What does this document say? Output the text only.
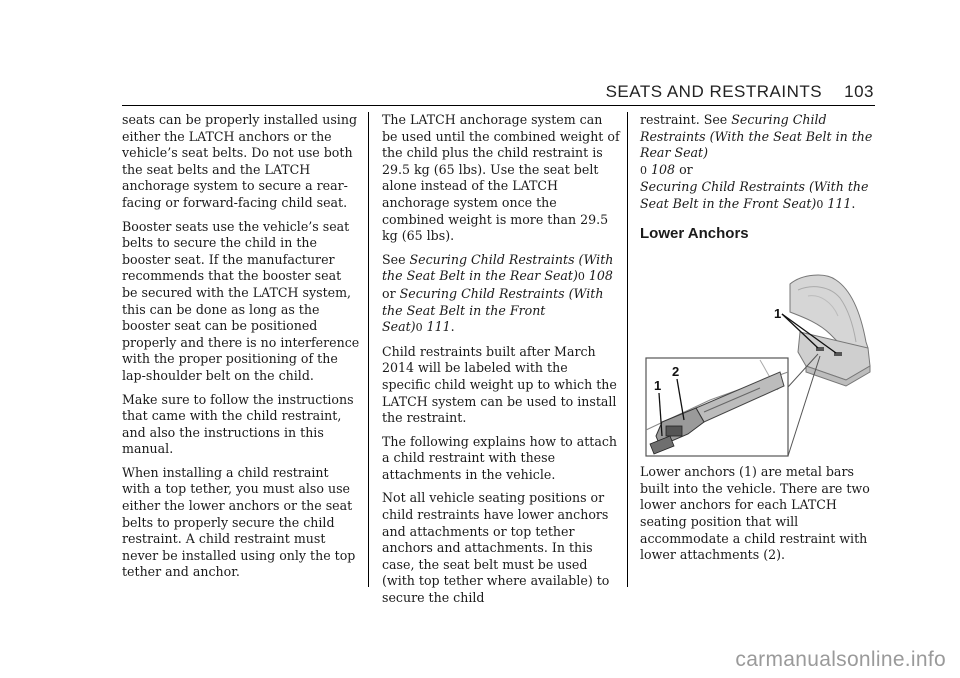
SEATS AND RESTRAINTS 103

seats can be properly installed using either the LATCH anchors or the vehicle’s seat belts. Do not use both the seat belts and the LATCH anchorage system to secure a rear-facing or forward-facing child seat.

Booster seats use the vehicle’s seat belts to secure the child in the booster seat. If the manufacturer recommends that the booster seat be secured with the LATCH system, this can be done as long as the booster seat can be positioned properly and there is no interference with the proper positioning of the lap-shoulder belt on the child.

Make sure to follow the instructions that came with the child restraint, and also the instructions in this manual.

When installing a child restraint with a top tether, you must also use either the lower anchors or the seat belts to properly secure the child restraint. A child restraint must never be installed using only the top tether and anchor.

The LATCH anchorage system can be used until the combined weight of the child plus the child restraint is 29.5 kg (65 lbs). Use the seat belt alone instead of the LATCH anchorage system once the combined weight is more than 29.5 kg (65 lbs).

See Securing Child Restraints (With the Seat Belt in the Rear Seat)0 108 or Securing Child Restraints (With the Seat Belt in the Front Seat)0 111.

Child restraints built after March 2014 will be labeled with the specific child weight up to which the LATCH system can be used to install the restraint.

The following explains how to attach a child restraint with these attachments in the vehicle.

Not all vehicle seating positions or child restraints have lower anchors and attachments or top tether anchors and attachments. In this case, the seat belt must be used (with top tether where available) to secure the child

restraint. See Securing Child Restraints (With the Seat Belt in the Rear Seat)
0 108 or
Securing Child Restraints (With the Seat Belt in the Front Seat)0 111.

Lower Anchors
1
2
1

Lower anchors (1) are metal bars built into the vehicle. There are two lower anchors for each LATCH seating position that will accommodate a child restraint with lower attachments (2).

carmanualsonline.info
